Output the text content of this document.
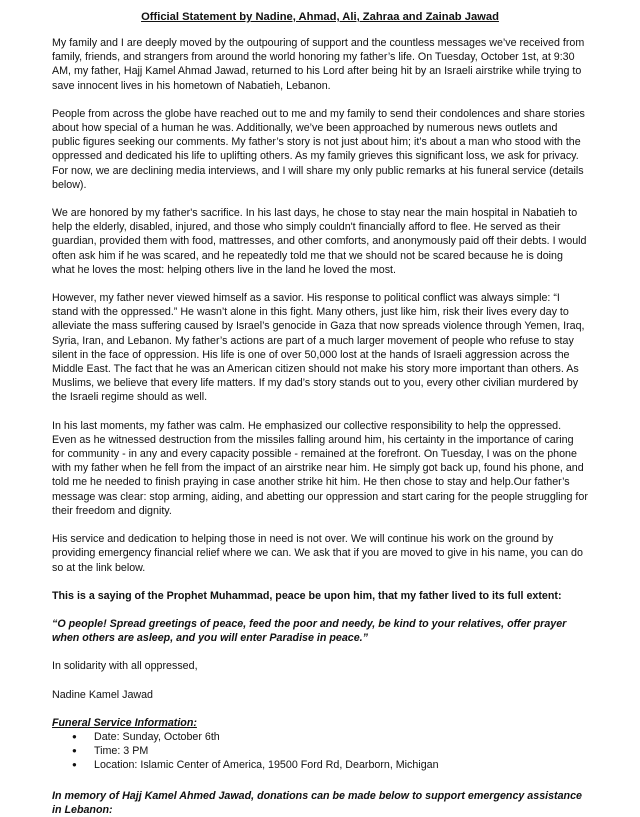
Official Statement by Nadine, Ahmad, Ali, Zahraa and Zainab Jawad

My family and I are deeply moved by the outpouring of support and the countless messages we’ve received from family, friends, and strangers from around the world honoring my father’s life. On Tuesday, October 1st, at 9:30 AM, my father, Hajj Kamel Ahmad Jawad, returned to his Lord after being hit by an Israeli airstrike while trying to save innocent lives in his hometown of Nabatieh, Lebanon.

People from across the globe have reached out to me and my family to send their condolences and share stories about how special of a human he was. Additionally, we’ve been approached by numerous news outlets and public figures seeking our comments. My father’s story is not just about him; it’s about a man who stood with the oppressed and dedicated his life to uplifting others. As my family grieves this significant loss, we ask for privacy. For now, we are declining media interviews, and I will share my only public remarks at his funeral service (details below).

We are honored by my father's sacrifice. In his last days, he chose to stay near the main hospital in Nabatieh to help the elderly, disabled, injured, and those who simply couldn't financially afford to flee. He served as their guardian, provided them with food, mattresses, and other comforts, and anonymously paid off their debts. I would often ask him if he was scared, and he repeatedly told me that we should not be scared because he is doing what he loves the most: helping others live in the land he loved the most.

However, my father never viewed himself as a savior. His response to political conflict was always simple: “I stand with the oppressed.” He wasn’t alone in this fight. Many others, just like him, risk their lives every day to alleviate the mass suffering caused by Israel’s genocide in Gaza that now spreads violence through Yemen, Iraq, Syria, Iran, and Lebanon. My father’s actions are part of a much larger movement of people who refuse to stay silent in the face of oppression. His life is one of over 50,000 lost at the hands of Israeli aggression across the Middle East. The fact that he was an American citizen should not make his story more important than others. As Muslims, we believe that every life matters. If my dad’s story stands out to you, every other civilian murdered by the Israeli regime should as well.

In his last moments, my father was calm. He emphasized our collective responsibility to help the oppressed. Even as he witnessed destruction from the missiles falling around him, his certainty in the importance of caring for community - in any and every capacity possible - remained at the forefront. On Tuesday, I was on the phone with my father when he fell from the impact of an airstrike near him. He simply got back up, found his phone, and told me he needed to finish praying in case another strike hit him. He then chose to stay and help.Our father’s message was clear: stop arming, aiding, and abetting our oppression and start caring for the people struggling for their freedom and dignity.

His service and dedication to helping those in need is not over. We will continue his work on the ground by providing emergency financial relief where we can. We ask that if you are moved to give in his name, you can do so at the link below.

This is a saying of the Prophet Muhammad, peace be upon him, that my father lived to its full extent:

“O people! Spread greetings of peace, feed the poor and needy, be kind to your relatives, offer prayer when others are asleep, and you will enter Paradise in peace.”

In solidarity with all oppressed,

Nadine Kamel Jawad

Funeral Service Information:

● Date: Sunday, October 6th
● Time: 3 PM
● Location: Islamic Center of America, 19500 Ford Rd, Dearborn, Michigan

In memory of Hajj Kamel Ahmed Jawad, donations can be made below to support emergency assistance in Lebanon:
